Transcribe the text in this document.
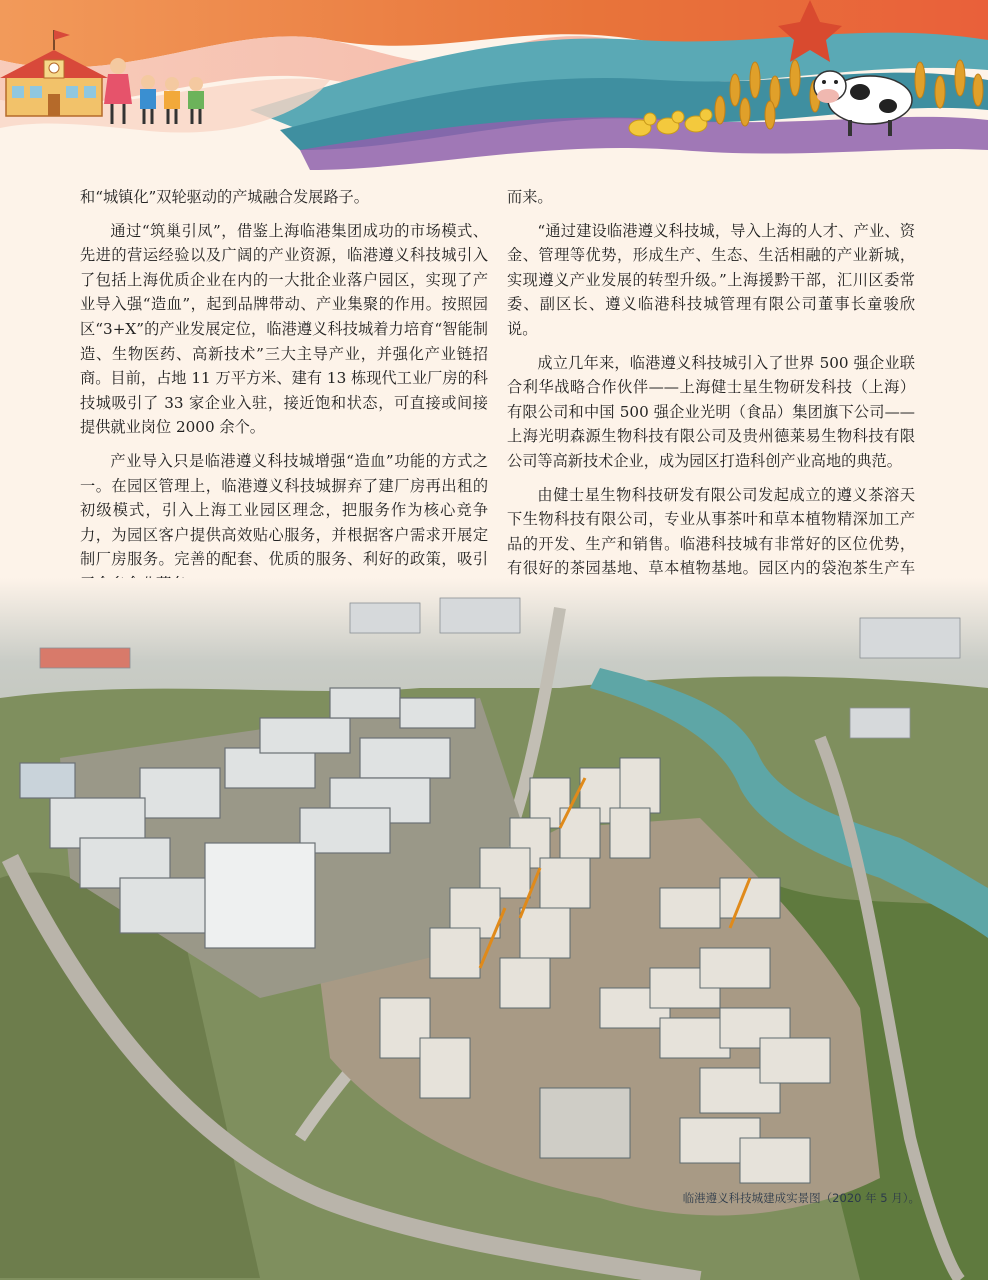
和“城镇化”双轮驱动的产城融合发展路子。

通过“筑巢引凤”，借鉴上海临港集团成功的市场模式、先进的营运经验以及广阔的产业资源，临港遵义科技城引入了包括上海优质企业在内的一大批企业落户园区，实现了产业导入强“造血”，起到品牌带动、产业集聚的作用。按照园区“3+X”的产业发展定位，临港遵义科技城着力培育“智能制造、生物医药、高新技术”三大主导产业，并强化产业链招商。目前，占地 11 万平方米、建有 13 栋现代工业厂房的科技城吸引了 33 家企业入驻，接近饱和状态，可直接或间接提供就业岗位 2000 余个。

产业导入只是临港遵义科技城增强“造血”功能的方式之一。在园区管理上，临港遵义科技城摒弃了建厂房再出租的初级模式，引入上海工业园区理念，把服务作为核心竞争力，为园区客户提供高效贴心服务，并根据客户需求开展定制厂房服务。完善的配套、优质的服务、利好的政策，吸引

而来。

“通过建设临港遵义科技城，导入上海的人才、产业、资金、管理等优势，形成生产、生态、生活相融的产业新城，实现遵义产业发展的转型升级。”上海援黔干部，汇川区委常委、副区长、遵义临港科技城管理有限公司董事长童骏欣说。

成立几年来，临港遵义科技城引入了世界 500 强企业联合利华战略合作伙伴——上海健士星生物研发科技（上海）有限公司和中国 500 强企业光明（食品）集团旗下公司——上海光明森源生物科技有限公司及贵州德莱易生物科技有限公司等高新技术企业，成为园区打造科创产业高地的典范。

由健士星生物科技研发有限公司发起成立的遵义茶溶天下生物科技有限公司，专业从事茶叶和草本植物精深加工产品的开发、生产和销售。临港科技城有非常好的区位优势，有很好的茶园基地、草本植物基地。园区内的袋泡茶生产车

临港遵义科技城建成实景图（2020 年 5 月）。
